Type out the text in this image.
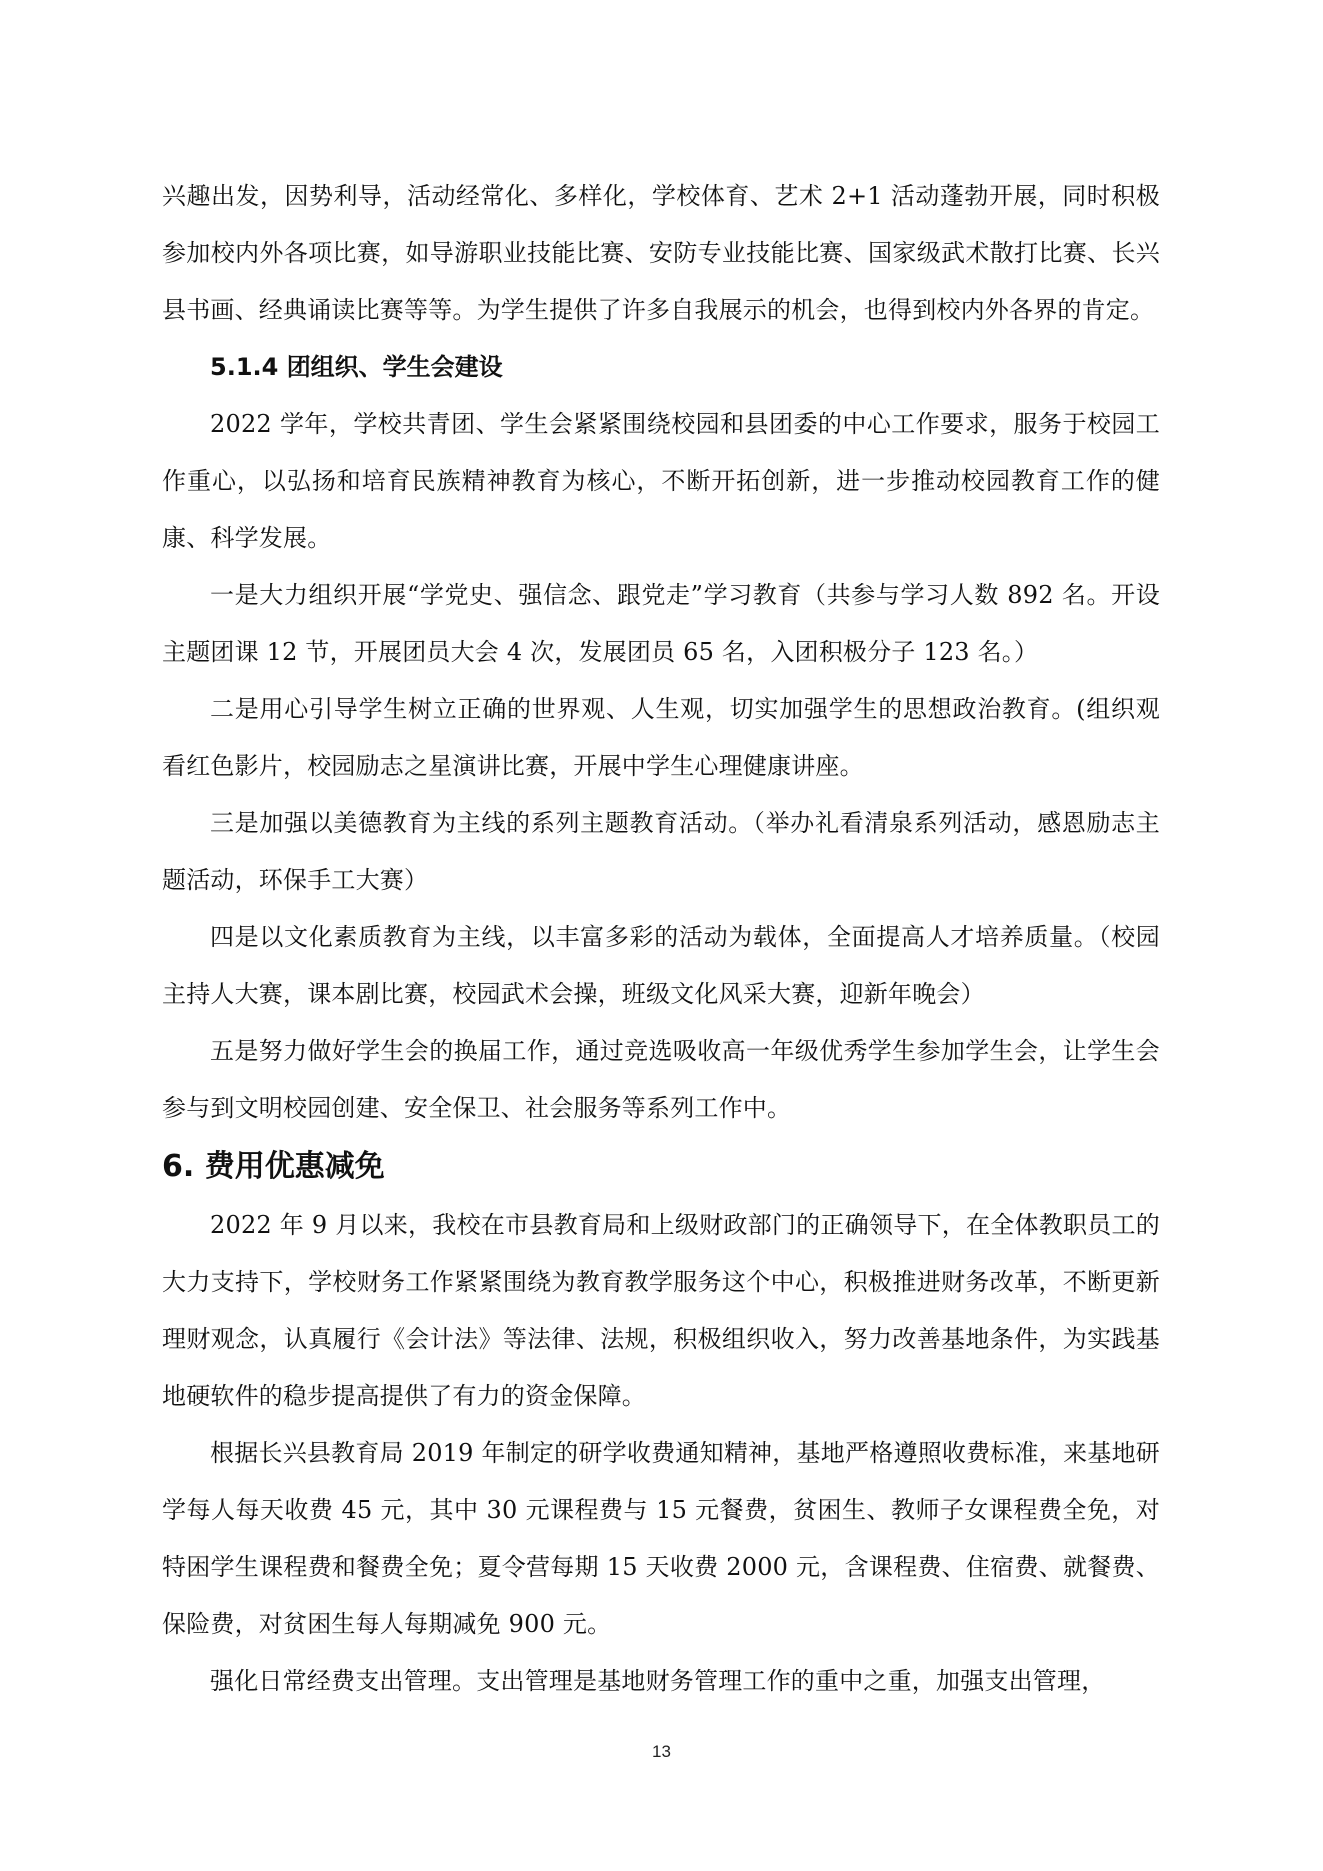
兴趣出发，因势利导，活动经常化、多样化，学校体育、艺术 2+1 活动蓬勃开展，同时积极参加校内外各项比赛，如导游职业技能比赛、安防专业技能比赛、国家级武术散打比赛、长兴县书画、经典诵读比赛等等。为学生提供了许多自我展示的机会，也得到校内外各界的肯定。

5.1.4 团组织、学生会建设

2022 学年，学校共青团、学生会紧紧围绕校园和县团委的中心工作要求，服务于校园工作重心，以弘扬和培育民族精神教育为核心，不断开拓创新，进一步推动校园教育工作的健康、科学发展。

一是大力组织开展“学党史、强信念、跟党走”学习教育（共参与学习人数 892 名。开设主题团课 12 节，开展团员大会 4 次，发展团员 65 名，入团积极分子 123 名。）

二是用心引导学生树立正确的世界观、人生观，切实加强学生的思想政治教育。(组织观看红色影片，校园励志之星演讲比赛，开展中学生心理健康讲座。

三是加强以美德教育为主线的系列主题教育活动。（举办礼看清泉系列活动，感恩励志主题活动，环保手工大赛）

四是以文化素质教育为主线，以丰富多彩的活动为载体，全面提高人才培养质量。（校园主持人大赛，课本剧比赛，校园武术会操，班级文化风采大赛，迎新年晚会）

五是努力做好学生会的换届工作，通过竞选吸收高一年级优秀学生参加学生会，让学生会参与到文明校园创建、安全保卫、社会服务等系列工作中。

6. 费用优惠减免

2022 年 9 月以来，我校在市县教育局和上级财政部门的正确领导下，在全体教职员工的大力支持下，学校财务工作紧紧围绕为教育教学服务这个中心，积极推进财务改革，不断更新理财观念，认真履行《会计法》等法律、法规，积极组织收入，努力改善基地条件，为实践基地硬软件的稳步提高提供了有力的资金保障。

根据长兴县教育局 2019 年制定的研学收费通知精神，基地严格遵照收费标准，来基地研学每人每天收费 45 元，其中 30 元课程费与 15 元餐费，贫困生、教师子女课程费全免，对特困学生课程费和餐费全免；夏令营每期 15 天收费 2000 元，含课程费、住宿费、就餐费、保险费，对贫困生每人每期减免 900 元。

强化日常经费支出管理。支出管理是基地财务管理工作的重中之重，加强支出管理，

13
